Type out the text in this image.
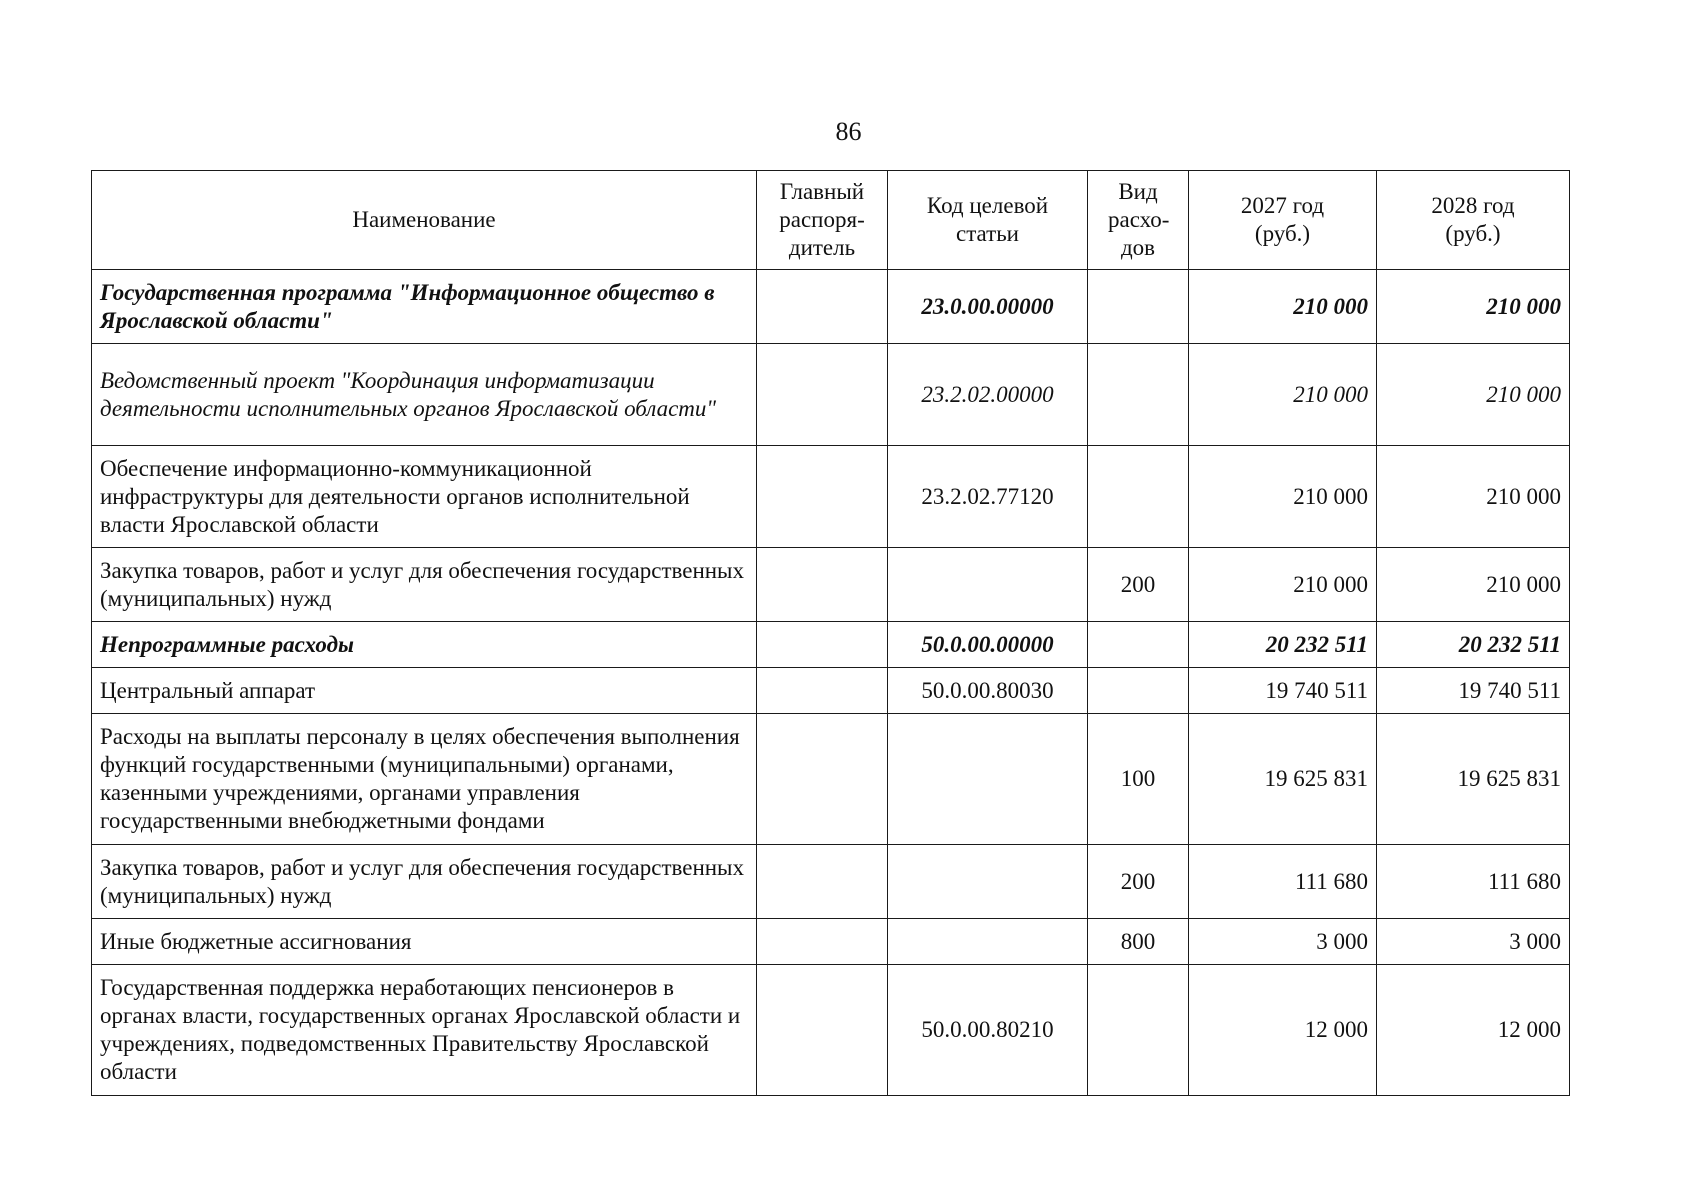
86
Наименование	Главный распоря-дитель	Код целевой статьи	Вид расхо-дов	2027 год (руб.)	2028 год (руб.)
Государственная программа "Информационное общество в Ярославской области"		23.0.00.00000		210 000	210 000
Ведомственный проект "Координация информатизации деятельности исполнительных органов Ярославской области"		23.2.02.00000		210 000	210 000
Обеспечение информационно-коммуникационной инфраструктуры для деятельности органов исполнительной власти Ярославской области		23.2.02.77120		210 000	210 000
Закупка товаров, работ и услуг для обеспечения государственных (муниципальных) нужд			200	210 000	210 000
Непрограммные расходы		50.0.00.00000		20 232 511	20 232 511
Центральный аппарат		50.0.00.80030		19 740 511	19 740 511
Расходы на выплаты персоналу в целях обеспечения выполнения функций государственными (муниципальными) органами, казенными учреждениями, органами управления государственными внебюджетными фондами			100	19 625 831	19 625 831
Закупка товаров, работ и услуг для обеспечения государственных (муниципальных) нужд			200	111 680	111 680
Иные бюджетные ассигнования			800	3 000	3 000
Государственная поддержка неработающих пенсионеров в органах власти, государственных органах Ярославской области и учреждениях, подведомственных Правительству Ярославской области		50.0.00.80210		12 000	12 000
